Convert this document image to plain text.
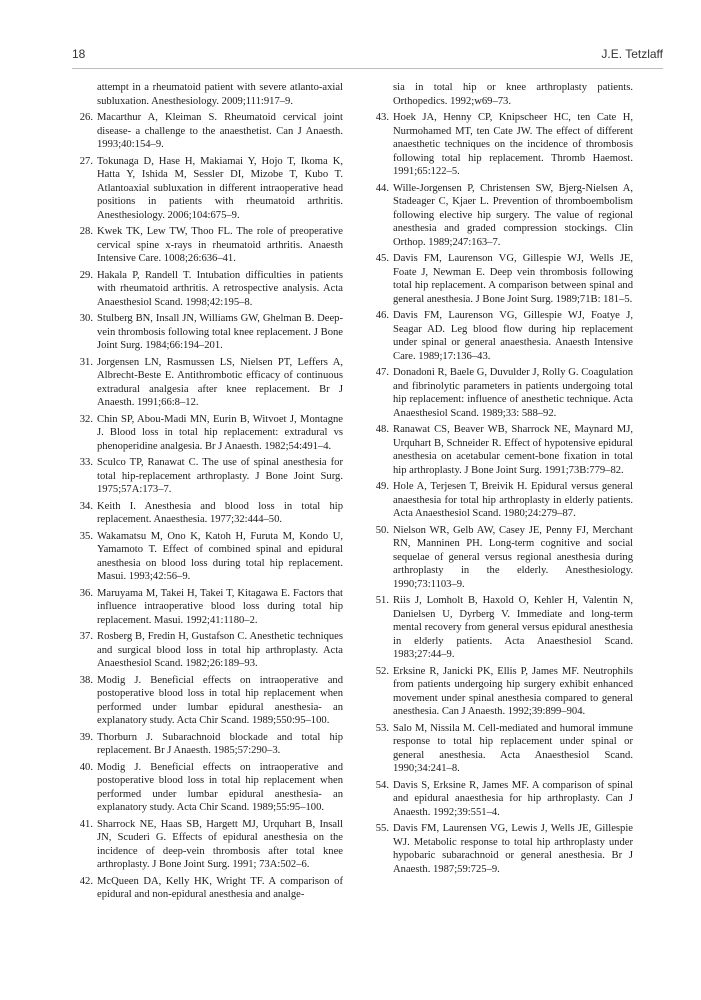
18	J.E. Tetzlaff
attempt in a rheumatoid patient with severe atlanto-axial subluxation. Anesthesiology. 2009;111:917–9.
26. Macarthur A, Kleiman S. Rheumatoid cervical joint disease- a challenge to the anaesthetist. Can J Anaesth. 1993;40:154–9.
27. Tokunaga D, Hase H, Makiamai Y, Hojo T, Ikoma K, Hatta Y, Ishida M, Sessler DI, Mizobe T, Kubo T. Atlantoaxial subluxation in different intraoperative head positions in patients with rheumatoid arthritis. Anesthesiology. 2006;104:675–9.
28. Kwek TK, Lew TW, Thoo FL. The role of preoperative cervical spine x-rays in rheumatoid arthritis. Anaesth Intensive Care. 1008;26:636–41.
29. Hakala P, Randell T. Intubation difficulties in patients with rheumatoid arthritis. A retrospective analysis. Acta Anaesthesiol Scand. 1998;42:195–8.
30. Stulberg BN, Insall JN, Williams GW, Ghelman B. Deep-vein thrombosis following total knee replacement. J Bone Joint Surg. 1984;66:194–201.
31. Jorgensen LN, Rasmussen LS, Nielsen PT, Leffers A, Albrecht-Beste E. Antithrombotic efficacy of continuous extradural analgesia after knee replacement. Br J Anaesth. 1991;66:8–12.
32. Chin SP, Abou-Madi MN, Eurin B, Witvoet J, Montagne J. Blood loss in total hip replacement: extradural vs phenoperidine analgesia. Br J Anaesth. 1982;54:491–4.
33. Sculco TP, Ranawat C. The use of spinal anesthesia for total hip-replacement arthroplasty. J Bone Joint Surg. 1975;57A:173–7.
34. Keith I. Anesthesia and blood loss in total hip replacement. Anaesthesia. 1977;32:444–50.
35. Wakamatsu M, Ono K, Katoh H, Furuta M, Kondo U, Yamamoto T. Effect of combined spinal and epidural anesthesia on blood loss during total hip replacement. Masui. 1993;42:56–9.
36. Maruyama M, Takei H, Takei T, Kitagawa E. Factors that influence intraoperative blood loss during total hip replacement. Masui. 1992;41:1180–2.
37. Rosberg B, Fredin H, Gustafson C. Anesthetic techniques and surgical blood loss in total hip arthroplasty. Acta Anaesthesiol Scand. 1982;26:189–93.
38. Modig J. Beneficial effects on intraoperative and postoperative blood loss in total hip replacement when performed under lumbar epidural anesthesia- an explanatory study. Acta Chir Scand. 1989;550:95–100.
39. Thorburn J. Subarachnoid blockade and total hip replacement. Br J Anaesth. 1985;57:290–3.
40. Modig J. Beneficial effects on intraoperative and postoperative blood loss in total hip replacement when performed under lumbar epidural anesthesia- an explanatory study. Acta Chir Scand. 1989;55:95–100.
41. Sharrock NE, Haas SB, Hargett MJ, Urquhart B, Insall JN, Scuderi G. Effects of epidural anesthesia on the incidence of deep-vein thrombosis after total knee arthroplasty. J Bone Joint Surg. 1991; 73A:502–6.
42. McQueen DA, Kelly HK, Wright TF. A comparison of epidural and non-epidural anesthesia and analge-
sia in total hip or knee arthroplasty patients. Orthopedics. 1992;w69–73.
43. Hoek JA, Henny CP, Knipscheer HC, ten Cate H, Nurmohamed MT, ten Cate JW. The effect of different anaesthetic techniques on the incidence of thrombosis following total hip replacement. Thromb Haemost. 1991;65:122–5.
44. Wille-Jorgensen P, Christensen SW, Bjerg-Nielsen A, Stadeager C, Kjaer L. Prevention of thromboembolism following elective hip surgery. The value of regional anesthesia and graded compression stockings. Clin Orthop. 1989;247:163–7.
45. Davis FM, Laurenson VG, Gillespie WJ, Wells JE, Foate J, Newman E. Deep vein thrombosis following total hip replacement. A comparison between spinal and general anesthesia. J Bone Joint Surg. 1989;71B: 181–5.
46. Davis FM, Laurenson VG, Gillespie WJ, Foatye J, Seagar AD. Leg blood flow during hip replacement under spinal or general anaesthesia. Anaesth Intensive Care. 1989;17:136–43.
47. Donadoni R, Baele G, Duvulder J, Rolly G. Coagulation and fibrinolytic parameters in patients undergoing total hip replacement: influence of anesthetic technique. Acta Anaesthesiol Scand. 1989;33: 588–92.
48. Ranawat CS, Beaver WB, Sharrock NE, Maynard MJ, Urquhart B, Schneider R. Effect of hypotensive epidural anesthesia on acetabular cement-bone fixation in total hip arthroplasty. J Bone Joint Surg. 1991;73B:779–82.
49. Hole A, Terjesen T, Breivik H. Epidural versus general anaesthesia for total hip arthroplasty in elderly patients. Acta Anaesthesiol Scand. 1980;24:279–87.
50. Nielson WR, Gelb AW, Casey JE, Penny FJ, Merchant RN, Manninen PH. Long-term cognitive and social sequelae of general versus regional anesthesia during arthroplasty in the elderly. Anesthesiology. 1990;73:1103–9.
51. Riis J, Lomholt B, Haxold O, Kehler H, Valentin N, Danielsen U, Dyrberg V. Immediate and long-term mental recovery from general versus epidural anesthesia in elderly patients. Acta Anaesthesiol Scand. 1983;27:44–9.
52. Erksine R, Janicki PK, Ellis P, James MF. Neutrophils from patients undergoing hip surgery exhibit enhanced movement under spinal anesthesia compared to general anesthesia. Can J Anaesth. 1992;39:899–904.
53. Salo M, Nissila M. Cell-mediated and humoral immune response to total hip replacement under spinal or general anesthesia. Acta Anaesthesiol Scand. 1990;34:241–8.
54. Davis S, Erksine R, James MF. A comparison of spinal and epidural anaesthesia for hip arthroplasty. Can J Anaesth. 1992;39:551–4.
55. Davis FM, Laurensen VG, Lewis J, Wells JE, Gillespie WJ. Metabolic response to total hip arthroplasty under hypobaric subarachnoid or general anesthesia. Br J Anaesth. 1987;59:725–9.
